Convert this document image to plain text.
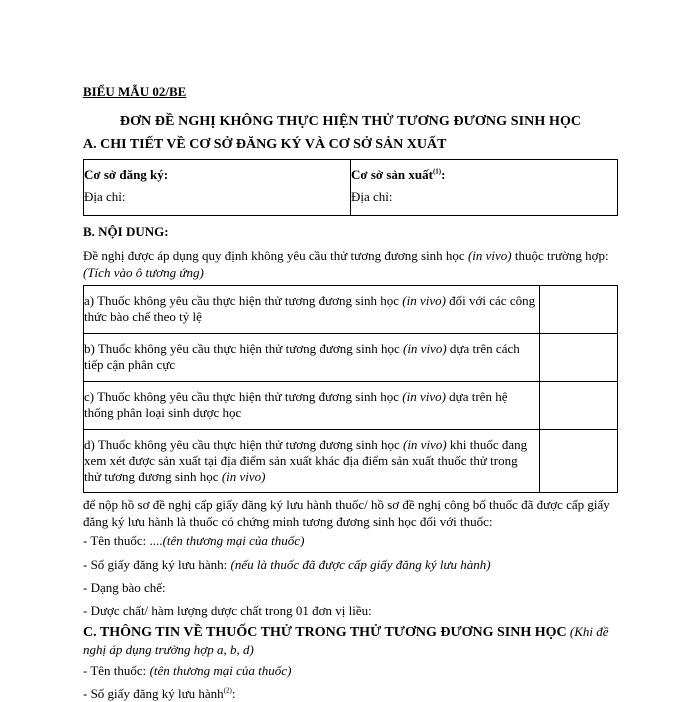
BIỂU MẪU 02/BE
ĐƠN ĐỀ NGHỊ KHÔNG THỰC HIỆN THỬ TƯƠNG ĐƯƠNG SINH HỌC
A. CHI TIẾT VỀ CƠ SỞ ĐĂNG KÝ VÀ CƠ SỞ SẢN XUẤT
Cơ sở đăng ký:
Địa chỉ:

Cơ sở sản xuất$^{(1)}$:
Địa chỉ:
B. NỘI DUNG:
Đề nghị được áp dụng quy định không yêu cầu thử tương đương sinh học (in vivo) thuộc trường hợp: (Tích vào ô tương ứng)
a) Thuốc không yêu cầu thực hiện thử tương đương sinh học (in vivo) đối với các công thức bào chế theo tỷ lệ	
b) Thuốc không yêu cầu thực hiện thử tương đương sinh học (in vivo) dựa trên cách tiếp cận phân cực	
c) Thuốc không yêu cầu thực hiện thử tương đương sinh học (in vivo) dựa trên hệ thống phân loại sinh dược học	
d) Thuốc không yêu cầu thực hiện thử tương đương sinh học (in vivo) khi thuốc đang xem xét được sản xuất tại địa điểm sản xuất khác địa điểm sản xuất thuốc thử trong thử tương đương sinh học (in vivo)	
để nộp hồ sơ đề nghị cấp giấy đăng ký lưu hành thuốc/ hồ sơ đề nghị công bố thuốc đã được cấp giấy đăng ký lưu hành là thuốc có chứng minh tương đương sinh học đối với thuốc:
- Tên thuốc: ....(tên thương mại của thuốc)
- Số giấy đăng ký lưu hành: (nếu là thuốc đã được cấp giấy đăng ký lưu hành)
- Dạng bào chế:
- Dược chất/ hàm lượng dược chất trong 01 đơn vị liều:
C. THÔNG TIN VỀ THUỐC THỬ TRONG THỬ TƯƠNG ĐƯƠNG SINH HỌC (Khi đề nghị áp dụng trường hợp a, b, d)
- Tên thuốc: (tên thương mại của thuốc)
- Số giấy đăng ký lưu hành$^{(2)}$:
